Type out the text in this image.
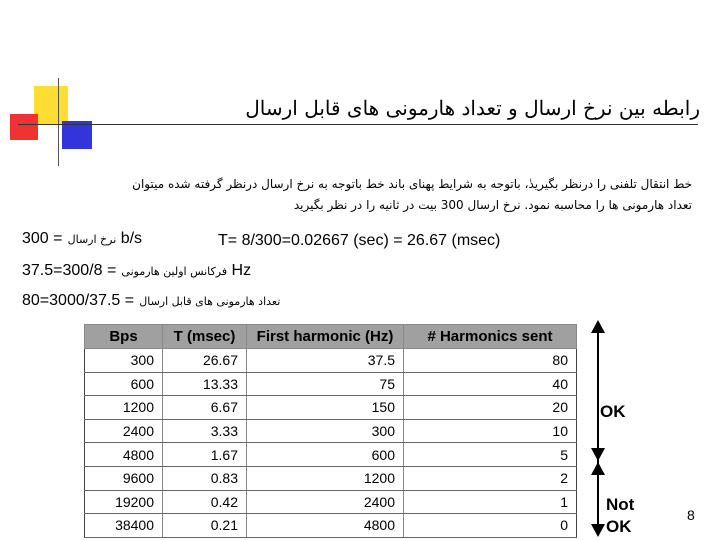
رابطه بین نرخ ارسال و تعداد هارمونی های قابل ارسال
خط انتقال تلفنی را درنظر بگیریدٰ، باتوجه به شرایط پهنای باند خط باتوجه به نرخ ارسال درنظر گرفته شده میتوان
تعداد هارمونی ها را محاسبه نمود. نرخ ارسال 300 بیت در ثانیه را در نظر بگیرید
نرخ ارسال = 300 b/s	T= 8/300=0.02667 (sec) = 26.67 (msec)
فرکانس اولین هارمونی = 300/8=37.5 Hz
تعداد هارمونی های قابل ارسال = 3000/37.5=80
Bps	T (msec)	First harmonic (Hz)	# Harmonics sent
300	26.67	37.5	80
600	13.33	75	40
1200	6.67	150	20
2400	3.33	300	10
4800	1.67	600	5
9600	0.83	1200	2
19200	0.42	2400	1
38400	0.21	4800	0
OK
Not
OK
8
